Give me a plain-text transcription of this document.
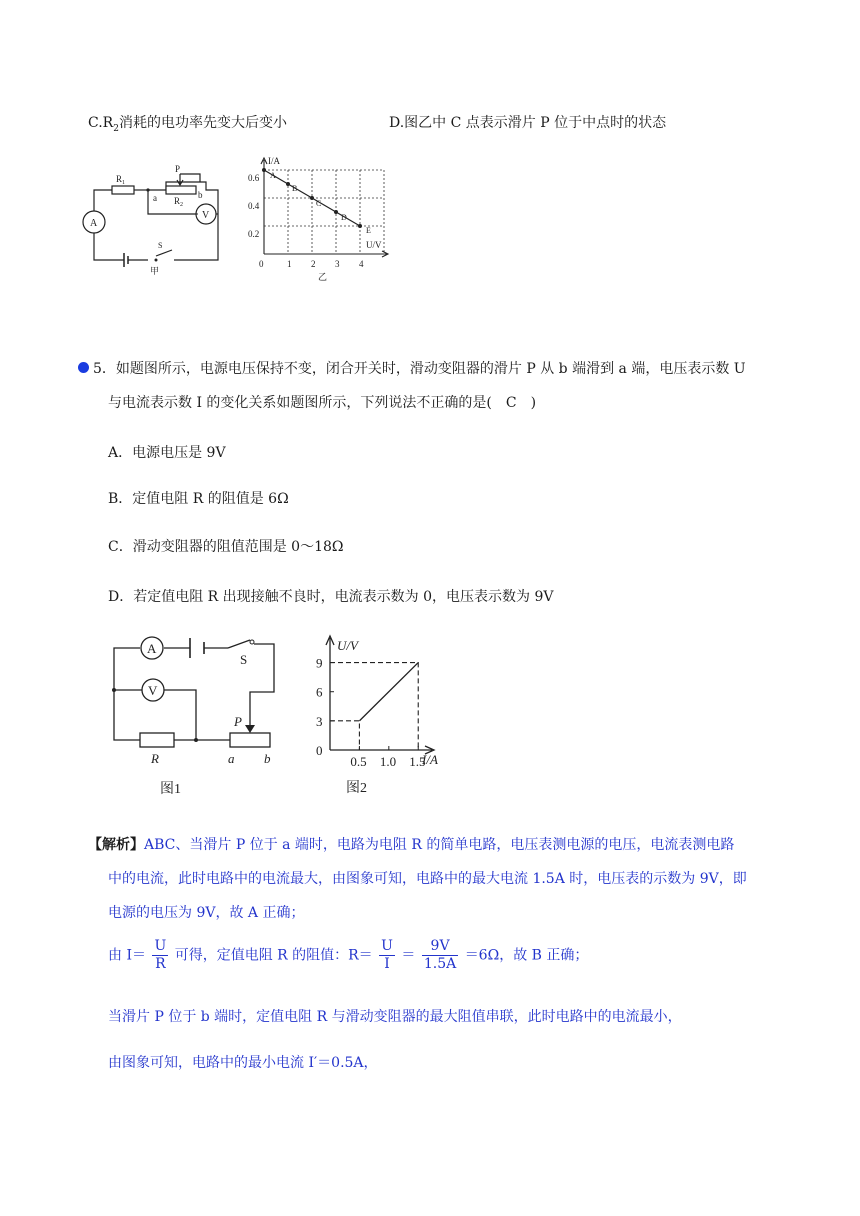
$C.R_2$消耗的电功率先变大后变小	D.图乙中 C 点表示滑片 P 位于中点时的状态
$R_1$
$R_2$
P
a	b
A
V
S
甲
I/A
U/V
0.6
0.4
0.2
0	1 2 3 4
A
B
C
D
E
乙
5．如题图所示，电源电压保持不变，闭合开关时，滑动变阻器的滑片 P 从 b 端滑到 a 端，电压表示数 U
与电流表示数 I 的变化关系如题图所示，下列说法不正确的是(　C　)
A．电源电压是 9V
B．定值电阻 R 的阻值是 6Ω
C．滑动变阻器的阻值范围是 0～18Ω
D．若定值电阻 R 出现接触不良时，电流表示数为 0，电压表示数为 9V
A
V
S
R
P
a b
图1
0.5 1.0 1.5
9
6
3
0
U/V
I/A
图2
【解析】ABC、当滑片 P 位于 a 端时，电路为电阻 R 的简单电路，电压表测电源的电压，电流表测电路
中的电流，此时电路中的电流最大，由图象可知，电路中的最大电流 1.5A 时，电压表的示数为 9V，即
电源的电压为 9V，故 A 正确；
由 $I= \frac{U}{R}$ 可得，定值电阻 R 的阻值：$R= \frac{U}{I} = \frac{9V}{1.5A} =6\Omega$，故 B 正确；
当滑片 P 位于 b 端时，定值电阻 R 与滑动变阻器的最大阻值串联，此时电路中的电流最小，
由图象可知，电路中的最小电流 I′＝0.5A，
